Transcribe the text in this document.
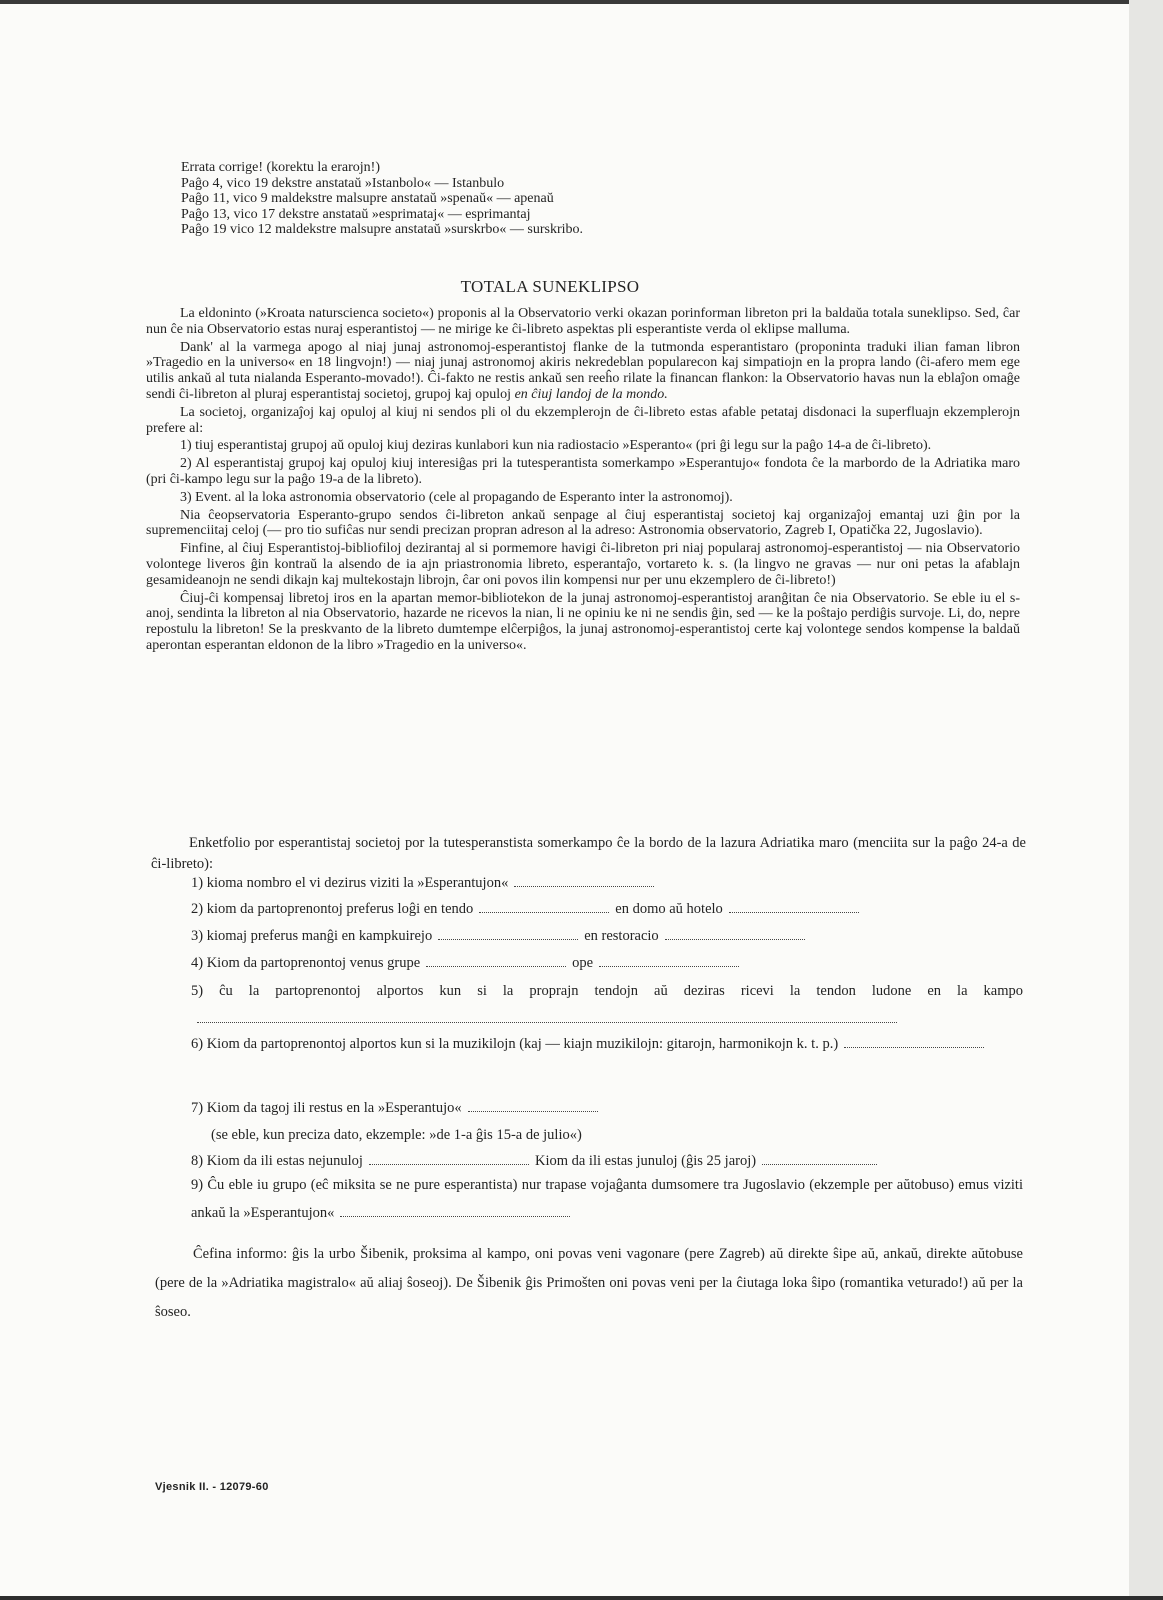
Errata corrige! (korektu la erarojn!)
Paĝo 4, vico 19 dekstre anstataŭ »Istanbolo« — Istanbulo
Paĝo 11, vico 9 maldekstre malsupre anstataŭ »spenaŭ« — apenaŭ
Paĝo 13, vico 17 dekstre anstataŭ »esprimataj« — esprimantaj
Paĝo 19 vico 12 maldekstre malsupre anstataŭ »surskrbo« — surskribo.
TOTALA SUNEKLIPSO

La eldoninto (»Kroata naturscienca societo«) proponis al la Observatorio verki okazan porinforman libreton pri la baldaŭa totala suneklipso. Sed, ĉar nun ĉe nia Observatorio estas nuraj esperantistoj — ne mirige ke ĉi-libreto aspektas pli esperantiste verda ol eklipse malluma.

Dank' al la varmega apogo al niaj junaj astronomoj-esperantistoj flanke de la tutmonda esperantistaro (proponinta traduki ilian faman libron »Tragedio en la universo« en 18 lingvojn!) — niaj junaj astronomoj akiris nekredeblan popularecon kaj simpatiojn en la propra lando (ĉi-afero mem ege utilis ankaŭ al tuta nialanda Esperanto-movado!). Ĉi-fakto ne restis ankaŭ sen reeĥo rilate la financan flankon: la Observatorio havas nun la eblaĵon omaĝe sendi ĉi-libreton al pluraj esperantistaj societoj, grupoj kaj opuloj en ĉiuj landoj de la mondo.

La societoj, organizaĵoj kaj opuloj al kiuj ni sendos pli ol du ekzemplerojn de ĉi-libreto estas afable petataj disdonaci la superfluajn ekzemplerojn prefere al:

1) tiuj esperantistaj grupoj aŭ opuloj kiuj deziras kunlabori kun nia radiostacio »Esperanto« (pri ĝi legu sur la paĝo 14-a de ĉi-libreto).

2) Al esperantistaj grupoj kaj opuloj kiuj interesiĝas pri la tutesperantista somerkampo »Esperantujo« fondota ĉe la marbordo de la Adriatika maro (pri ĉi-kampo legu sur la paĝo 19-a de la libreto).

3) Event. al la loka astronomia observatorio (cele al propagando de Esperanto inter la astronomoj).

Nia ĉeopservatoria Esperanto-grupo sendos ĉi-libreton ankaŭ senpage al ĉiuj esperantistaj societoj kaj organizaĵoj emantaj uzi ĝin por la supremenciitaj celoj (— pro tio sufiĉas nur sendi precizan propran adreson al la adreso: Astronomia observatorio, Zagreb I, Opatička 22, Jugoslavio).

Finfine, al ĉiuj Esperantistoj-bibliofiloj dezirantaj al si pormemore havigi ĉi-libreton pri niaj popularaj astronomoj-esperantistoj — nia Observatorio volontege liveros ĝin kontraŭ la alsendo de ia ajn priastronomia libreto, esperantaĵo, vortareto k. s. (la lingvo ne gravas — nur oni petas la afablajn gesamideanojn ne sendi dikajn kaj multekostajn librojn, ĉar oni povos ilin kompensi nur per unu ekzemplero de ĉi-libreto!)

Ĉiuj-ĉi kompensaj libretoj iros en la apartan memor-bibliotekon de la junaj astronomoj-esperantistoj aranĝitan ĉe nia Observatorio. Se eble iu el s-anoj, sendinta la libreton al nia Observatorio, hazarde ne ricevos la nian, li ne opiniu ke ni ne sendis ĝin, sed — ke la poŝtajo perdiĝis survoje. Li, do, nepre repostulu la libreton! Se la preskvanto de la libreto dumtempe elĉerpiĝos, la junaj astronomoj-esperantistoj certe kaj volontege sendos kompense la baldaŭ aperontan esperantan eldonon de la libro »Tragedio en la universo«.

Enketfolio por esperantistaj societoj por la tutesperanstista somerkampo ĉe la bordo de la lazura Adriatika maro (menciita sur la paĝo 24-a de ĉi-libreto):

1) kioma nombro el vi dezirus viziti la »Esperantujon«
2) kiom da partoprenontoj preferus loĝi en tendo	en domo aŭ hotelo
3) kiomaj preferus manĝi en kampkuirejo	en restoracio
4) Kiom da partoprenontoj venus grupe	ope
5) ĉu la partoprenontoj alportos kun si la proprajn tendojn aŭ deziras ricevi la tendon ludone en la kampo
6) Kiom da partoprenontoj alportos kun si la muzikilojn (kaj — kiajn muzikilojn: gitarojn, harmonikojn k. t. p.)
7) Kiom da tagoj ili restus en la »Esperantujo«
(se eble, kun preciza dato, ekzemple: »de 1-a ĝis 15-a de julio«)
8) Kiom da ili estas nejunuloj	Kiom da ili estas junuloj (ĝis 25 jaroj)
9) Ĉu eble iu grupo (eĉ miksita se ne pure esperantista) nur trapase vojaĝanta dumsomere tra Jugoslavio (ekzemple per aŭtobuso) emus viziti ankaŭ la »Esperantujon«
Ĉefina informo: ĝis la urbo Šibenik, proksima al kampo, oni povas veni vagonare (pere Zagreb) aŭ direkte ŝipe aŭ, ankaŭ, direkte aŭtobuse (pere de la »Adriatika magistralo« aŭ aliaj ŝoseoj). De Šibenik ĝis Primošten oni povas veni per la ĉiutaga loka ŝipo (romantika veturado!) aŭ per la ŝoseo.
Vjesnik II. - 12079-60
